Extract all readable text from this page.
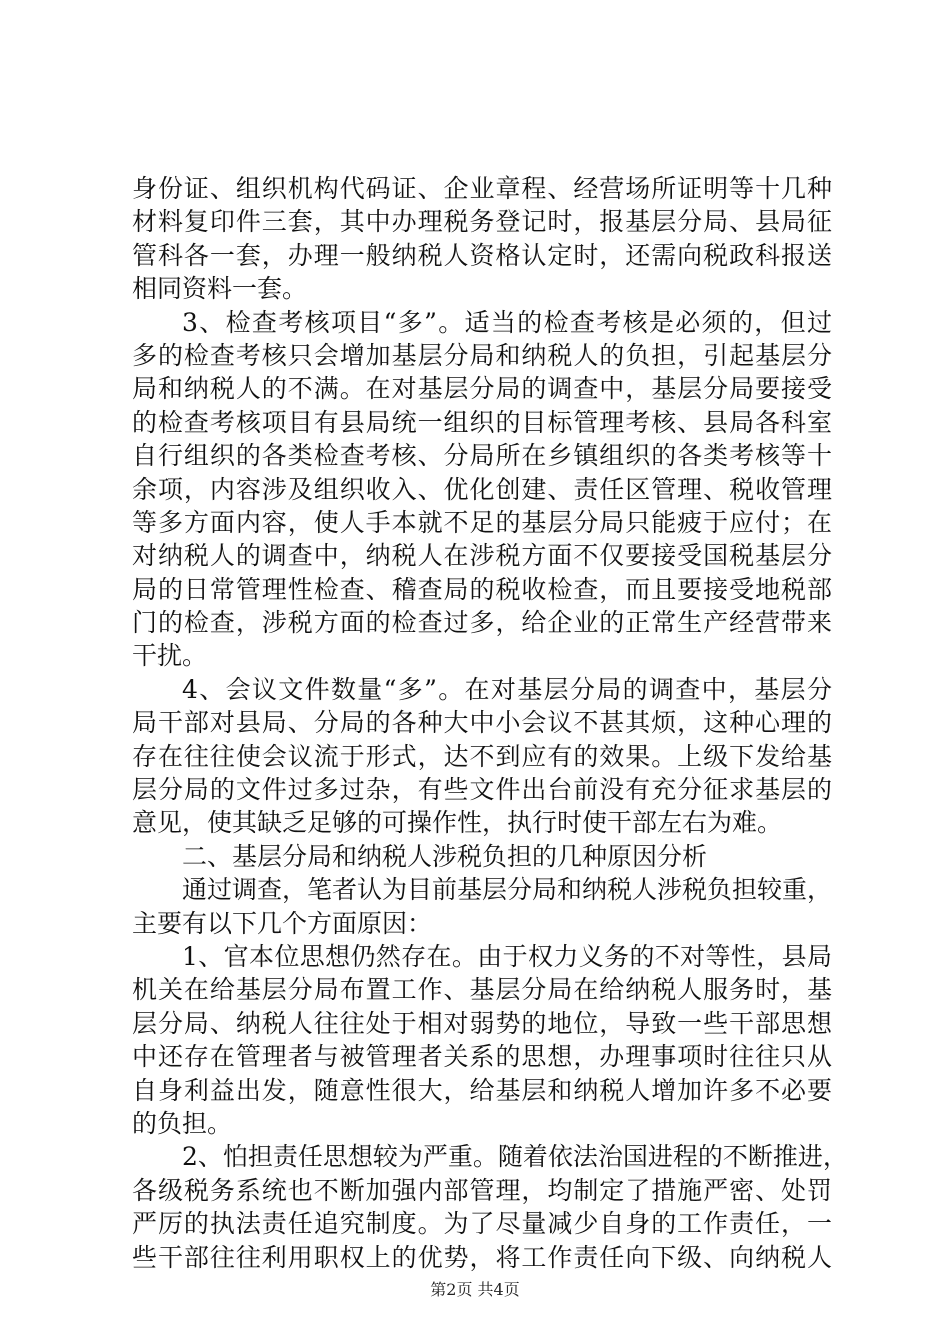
身份证、组织机构代码证、企业章程、经营场所证明等十几种
材料复印件三套，其中办理税务登记时，报基层分局、县局征
管科各一套，办理一般纳税人资格认定时，还需向税政科报送
相同资料一套。
3、检查考核项目“多”。适当的检查考核是必须的，但过
多的检查考核只会增加基层分局和纳税人的负担，引起基层分
局和纳税人的不满。在对基层分局的调查中，基层分局要接受
的检查考核项目有县局统一组织的目标管理考核、县局各科室
自行组织的各类检查考核、分局所在乡镇组织的各类考核等十
余项，内容涉及组织收入、优化创建、责任区管理、税收管理
等多方面内容，使人手本就不足的基层分局只能疲于应付；在
对纳税人的调查中，纳税人在涉税方面不仅要接受国税基层分
局的日常管理性检查、稽查局的税收检查，而且要接受地税部
门的检查，涉税方面的检查过多，给企业的正常生产经营带来
干扰。
4、会议文件数量“多”。在对基层分局的调查中，基层分
局干部对县局、分局的各种大中小会议不甚其烦，这种心理的
存在往往使会议流于形式，达不到应有的效果。上级下发给基
层分局的文件过多过杂，有些文件出台前没有充分征求基层的
意见，使其缺乏足够的可操作性，执行时使干部左右为难。
二、基层分局和纳税人涉税负担的几种原因分析
通过调查，笔者认为目前基层分局和纳税人涉税负担较重，
主要有以下几个方面原因：
1、官本位思想仍然存在。由于权力义务的不对等性，县局
机关在给基层分局布置工作、基层分局在给纳税人服务时，基
层分局、纳税人往往处于相对弱势的地位，导致一些干部思想
中还存在管理者与被管理者关系的思想，办理事项时往往只从
自身利益出发，随意性很大，给基层和纳税人增加许多不必要
的负担。
2、怕担责任思想较为严重。随着依法治国进程的不断推进，
各级税务系统也不断加强内部管理，均制定了措施严密、处罚
严厉的执法责任追究制度。为了尽量减少自身的工作责任，一
些干部往往利用职权上的优势，将工作责任向下级、向纳税人
第2页 共4页
